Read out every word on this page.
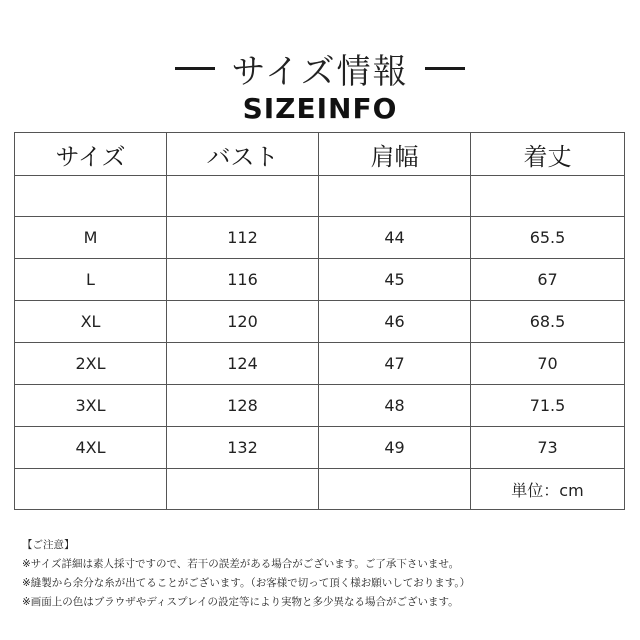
サイズ情報
SIZEINFO
サイズ	バスト	肩幅	着丈

M	112	44	65.5
L	116	45	67
XL	120	46	68.5
2XL	124	47	70
3XL	128	48	71.5
4XL	132	49	73
			単位：cm
【ご注意】
※サイズ詳細は素人採寸ですので、若干の誤差がある場合がございます。ご了承下さいませ。
※縫製から余分な糸が出てることがございます。（お客様で切って頂く様お願いしております。）
※画面上の色はブラウザやディスプレイの設定等により実物と多少異なる場合がございます。
